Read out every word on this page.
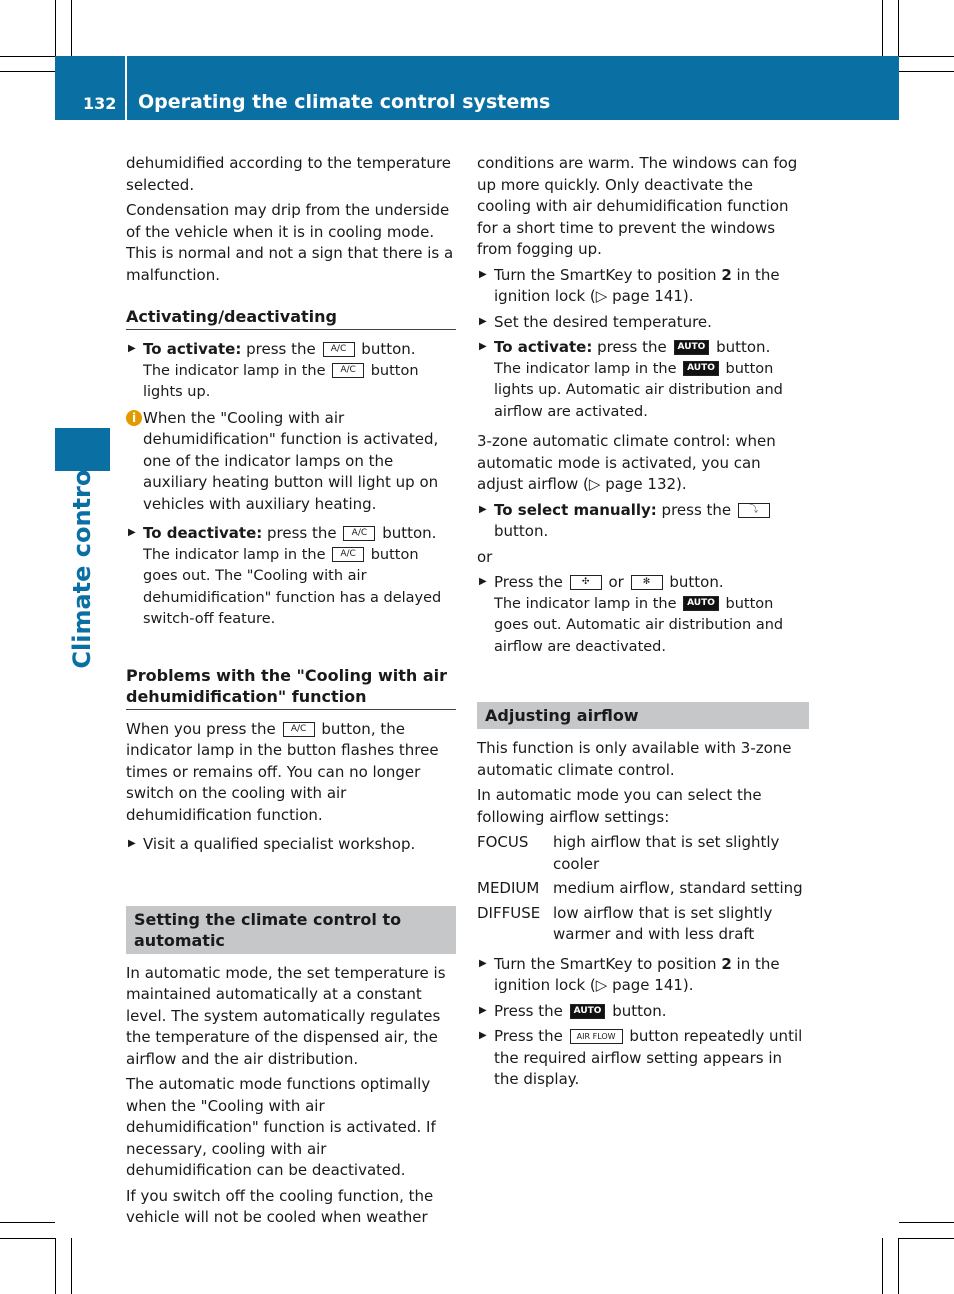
132 Operating the climate control systems
Climate control

dehumidified according to the temperature selected.

Condensation may drip from the underside of the vehicle when it is in cooling mode. This is normal and not a sign that there is a malfunction.

Activating/deactivating
▶ To activate: press the A/C button.
The indicator lamp in the A/C button lights up.
i When the "Cooling with air dehumidification" function is activated, one of the indicator lamps on the auxiliary heating button will light up on vehicles with auxiliary heating.
▶ To deactivate: press the A/C button.
The indicator lamp in the A/C button goes out. The "Cooling with air dehumidification" function has a delayed switch-off feature.
Problems with the "Cooling with air dehumidification" function

When you press the A/C button, the indicator lamp in the button flashes three times or remains off. You can no longer switch on the cooling with air dehumidification function.

▶ Visit a qualified specialist workshop.
Setting the climate control to automatic

In automatic mode, the set temperature is maintained automatically at a constant level. The system automatically regulates the temperature of the dispensed air, the airflow and the air distribution.

The automatic mode functions optimally when the "Cooling with air dehumidification" function is activated. If necessary, cooling with air dehumidification can be deactivated.

If you switch off the cooling function, the vehicle will not be cooled when weather

conditions are warm. The windows can fog up more quickly. Only deactivate the cooling with air dehumidification function for a short time to prevent the windows from fogging up.

▶ Turn the SmartKey to position 2 in the ignition lock (▷ page 141).
▶ Set the desired temperature.
▶ To activate: press the AUTO button.
The indicator lamp in the AUTO button lights up. Automatic air distribution and airflow are activated.

3-zone automatic climate control: when automatic mode is activated, you can adjust airflow (▷ page 132).

▶ To select manually: press the ⤵ button.

or

▶ Press the ✣ or ✻ button.
The indicator lamp in the AUTO button goes out. Automatic air distribution and airflow are deactivated.
Adjusting airflow

This function is only available with 3-zone automatic climate control.

In automatic mode you can select the following airflow settings:

FOCUS	high airflow that is set slightly cooler
MEDIUM medium airflow, standard setting
DIFFUSE low airflow that is set slightly warmer and with less draft
▶ Turn the SmartKey to position 2 in the ignition lock (▷ page 141).
▶ Press the AUTO button.
▶ Press the AIR FLOW button repeatedly until the required airflow setting appears in the display.
